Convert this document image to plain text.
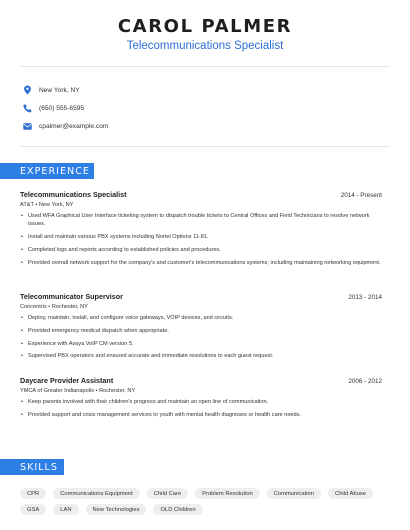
CAROL PALMER
Telecommunications Specialist
New York, NY
(650) 555-6595
cpalmer@example.com
EXPERIENCE
Telecommunications Specialist	2014 - Present
AT&T • New York, NY
• Used WFA Graphical User Interface ticketing system to dispatch trouble tickets to Central Offices and Field Technicians to resolve network issues.
• Install and maintain various PBX systems including Nortel Options 11-81.
• Completed logs and reports according to established policies and procedures.
• Provided overall network support for the company's and customer's telecommunications systems; including maintaining networking equipment.
Telecommunicator Supervisor	2013 - 2014
Concentrix • Rochester, NY
• Deploy, maintain, install, and configure voice gateways, VOIP devices, and circuits.
• Provided emergency medical dispatch when appropriate.
• Experience with Avaya VoIP CM version 5.
• Supervised PBX operators and ensured accurate and immediate resolutions to each guest request.
Daycare Provider Assistant	2006 - 2012
YMCA of Greater Indianapolis • Rochester, NY
• Keep parents involved with their children's progress and maintain an open line of communication.
• Provided support and crisis management services to youth with mental health diagnoses or health care needs.
SKILLS
CPR	Communications Equipment	Child Care	Problem Resolution	Communication	Child Abuse
GSA	LAN	New Technologies	OLD Children
